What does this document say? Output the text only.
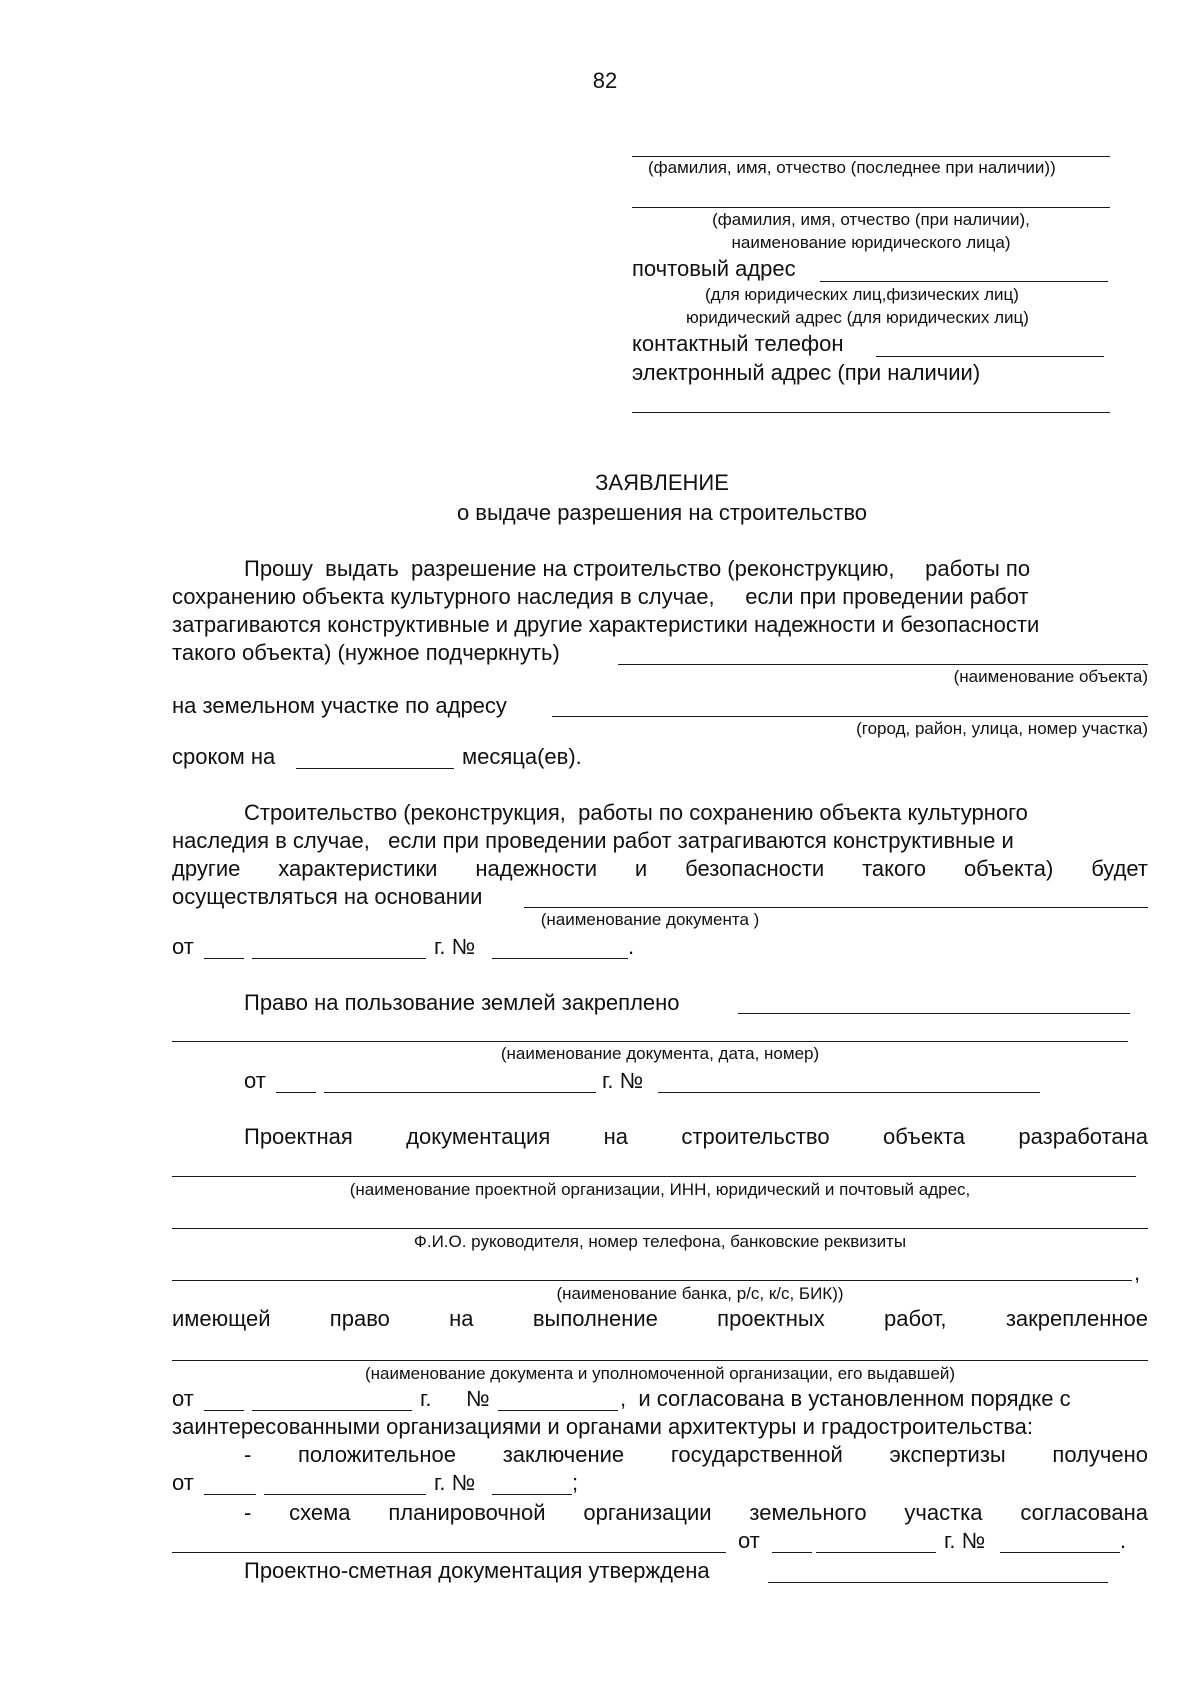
82
(фамилия, имя, отчество (последнее при наличии))
(фамилия, имя, отчество (при наличии),
наименование юридического лица)
почтовый адрес
(для юридических лиц,физических лиц)
юридический адрес (для юридических лиц)
контактный телефон
электронный адрес (при наличии)
ЗАЯВЛЕНИЕ
о выдаче разрешения на строительство
Прошу  выдать  разрешение на строительство (реконструкцию,     работы по
сохранению объекта культурного наследия в случае,     если при проведении работ
затрагиваются конструктивные и другие характеристики надежности и безопасности
такого объекта) (нужное подчеркнуть)
(наименование объекта)
на земельном участке по адресу
(город, район, улица, номер участка)
сроком на	месяца(ев).
Строительство (реконструкция,  работы по сохранению объекта культурного
наследия в случае,   если при проведении работ затрагиваются конструктивные и
другие характеристики надежности и безопасности такого объекта) будет
осуществляться на основании
(наименование документа )
от	г. №	.
Право на пользование землей закреплено
(наименование документа, дата, номер)
от	г. №
Проектная документация на строительство объекта разработана
(наименование проектной организации, ИНН, юридический и почтовый адрес,
Ф.И.О. руководителя, номер телефона, банковские реквизиты
,
(наименование банка, р/с, к/с, БИК))
имеющей право на выполнение проектных работ, закрепленное
(наименование документа и уполномоченной организации, его выдавшей)
от	г. №	,  и согласована в установленном порядке с
заинтересованными организациями и органами архитектуры и градостроительства:
- положительное заключение государственной экспертизы получено
от	г. №	;
- схема планировочной организации земельного участка согласована
от	г. №	.
Проектно-сметная документация утверждена
